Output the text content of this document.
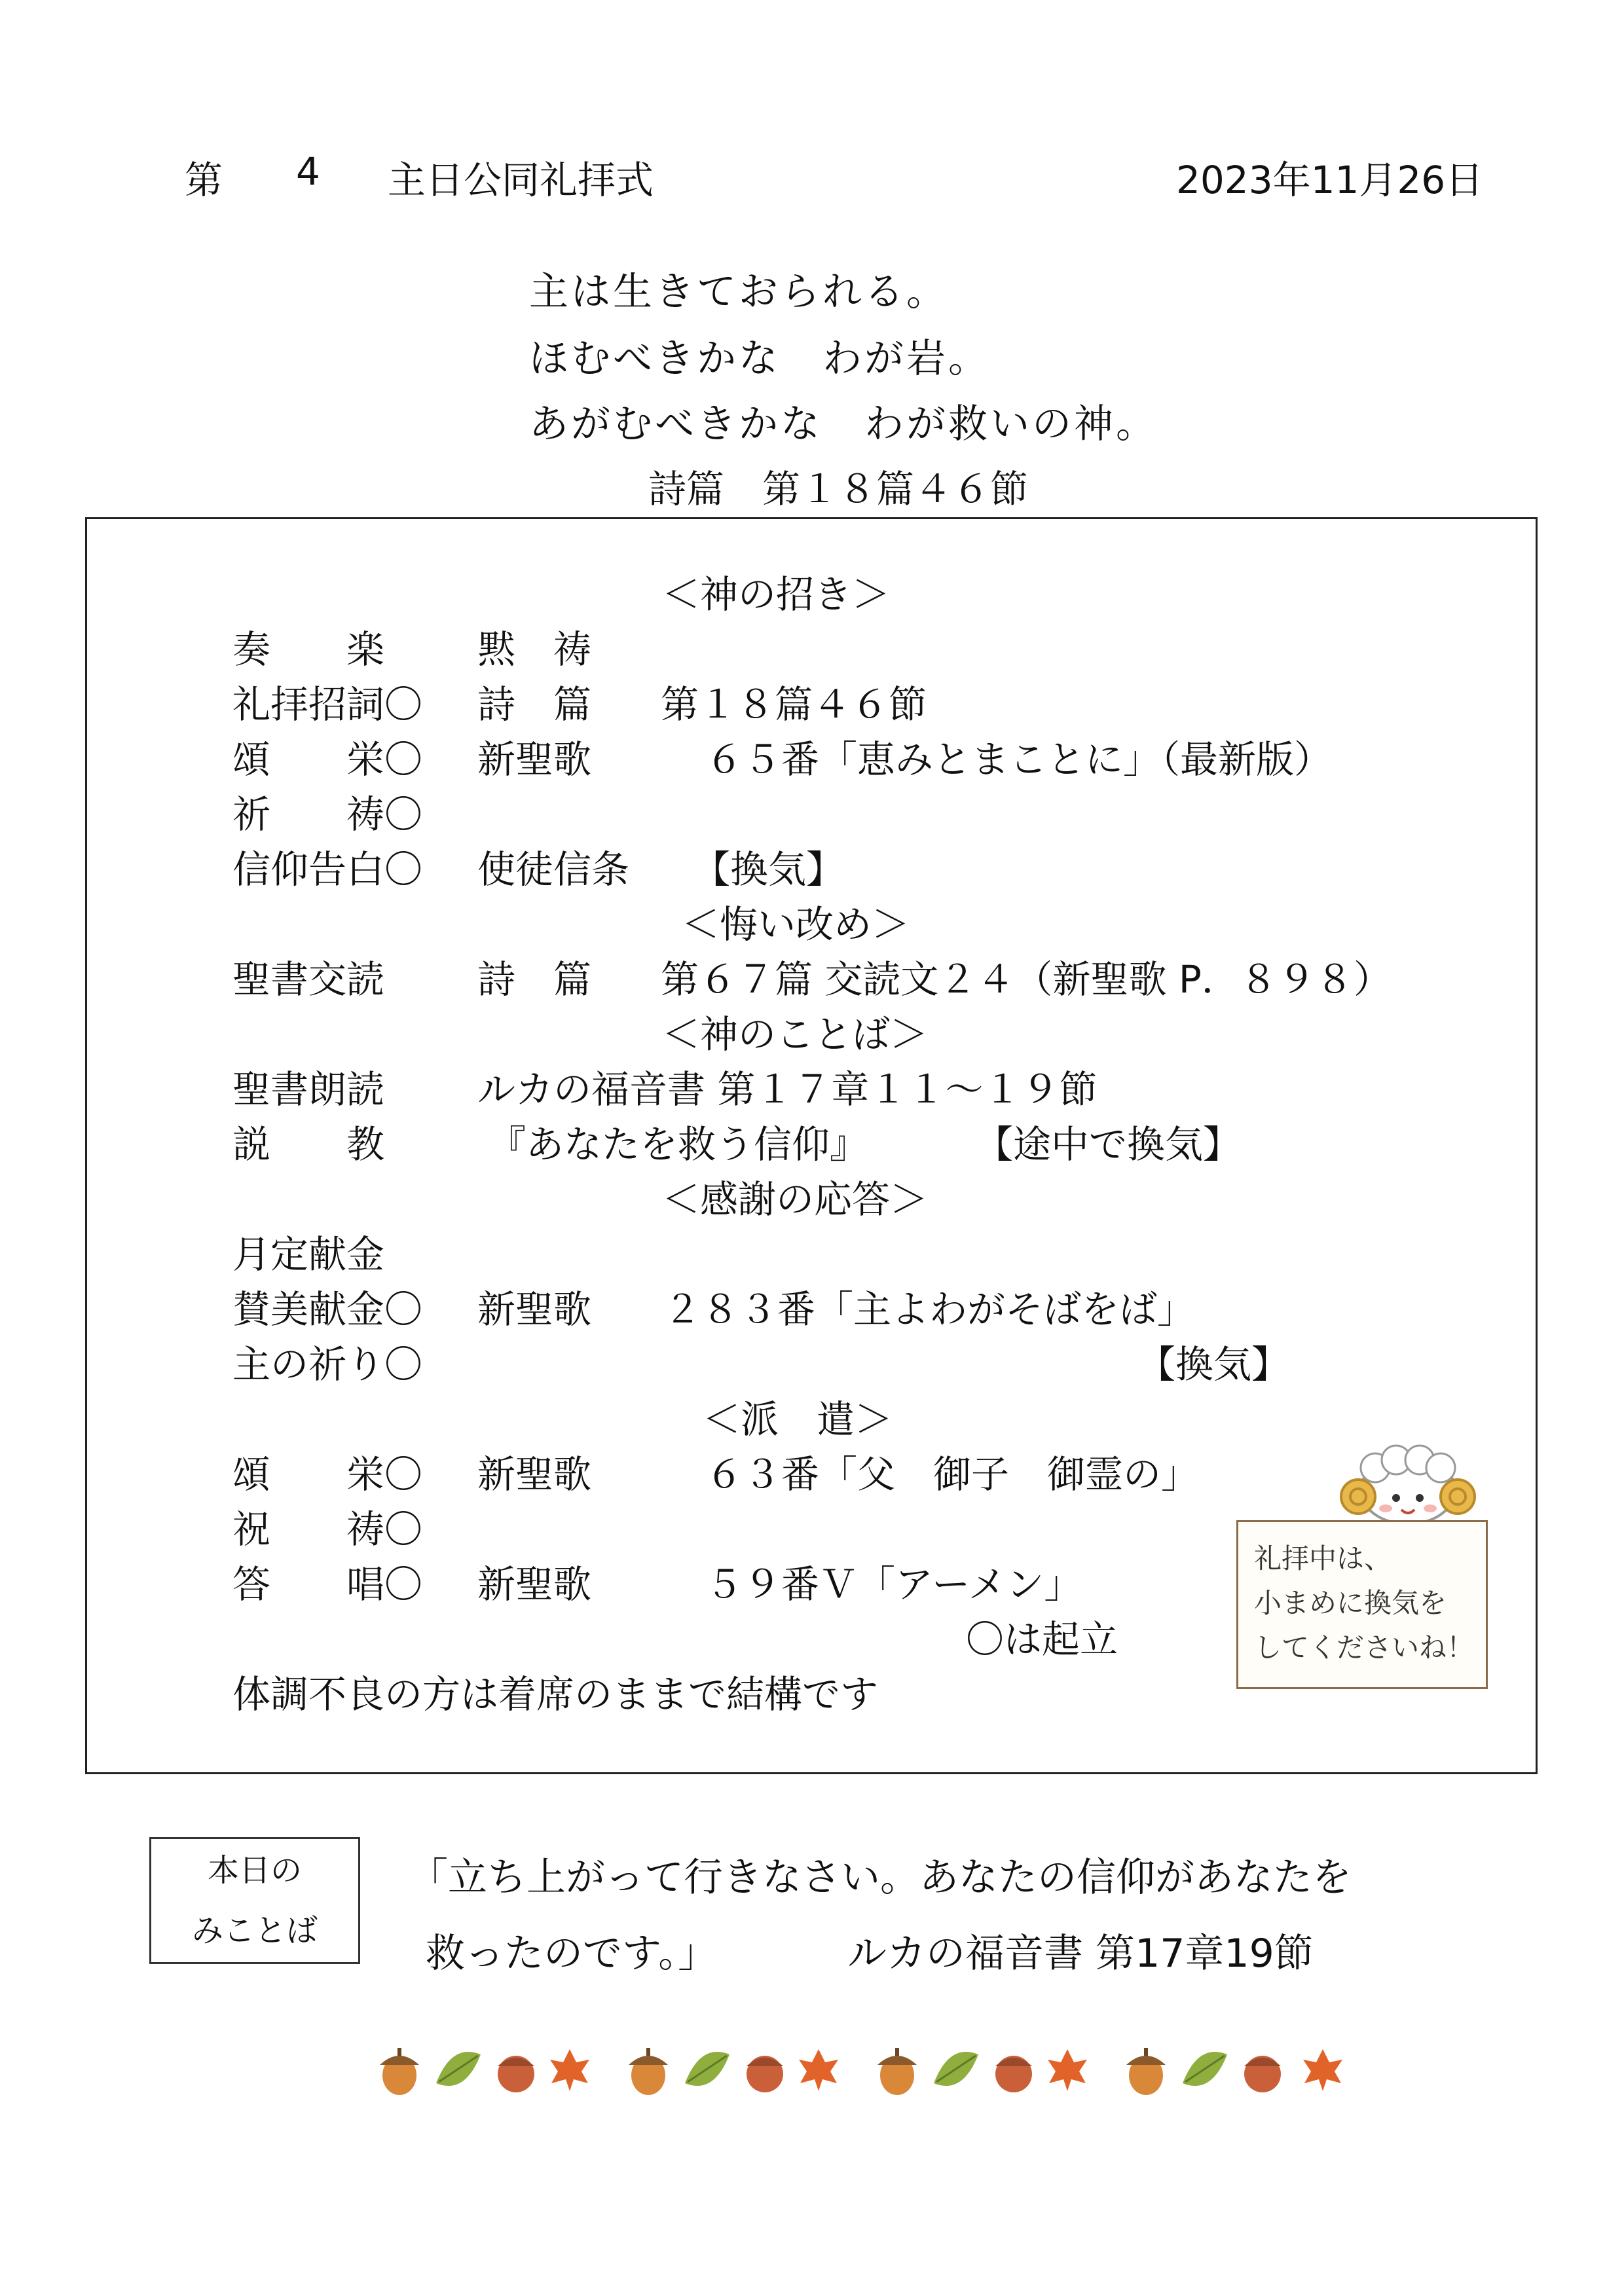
第 4 主日公同礼拝式	2023年11月26日
主は生きておられる。
ほむべきかな　わが岩。
あがむべきかな　わが救いの神。
詩篇　第１８篇４６節
＜神の招き＞
奏　　楽 黙　祷
礼拝招詞〇 詩　篇 第１８篇４６節
頌　　栄〇 新聖歌	６５番「恵みとまことに」（最新版）
祈　　祷〇
信仰告白〇 使徒信条 【換気】
＜悔い改め＞
聖書交読 詩　篇 第６７篇 交読文２４（新聖歌 P．８９８）
＜神のことば＞
聖書朗読 ルカの福音書 第１７章１１～１９節
説　　教	『あなたを救う信仰』	【途中で換気】
＜感謝の応答＞
月定献金
賛美献金〇 新聖歌 ２８３番「主よわがそばをば」
主の祈り〇	【換気】
＜派　遣＞
頌　　栄〇 新聖歌	６３番「父　御子　御霊の」
祝　　祷〇
答　　唱〇 新聖歌	５９番Ｖ「アーメン」
〇は起立
体調不良の方は着席のままで結構です
礼拝中は、
小まめに換気を
してくださいね！
本日の
みことば
「立ち上がって行きなさい。あなたの信仰があなたを
救ったのです。」	ルカの福音書 第17章19節
